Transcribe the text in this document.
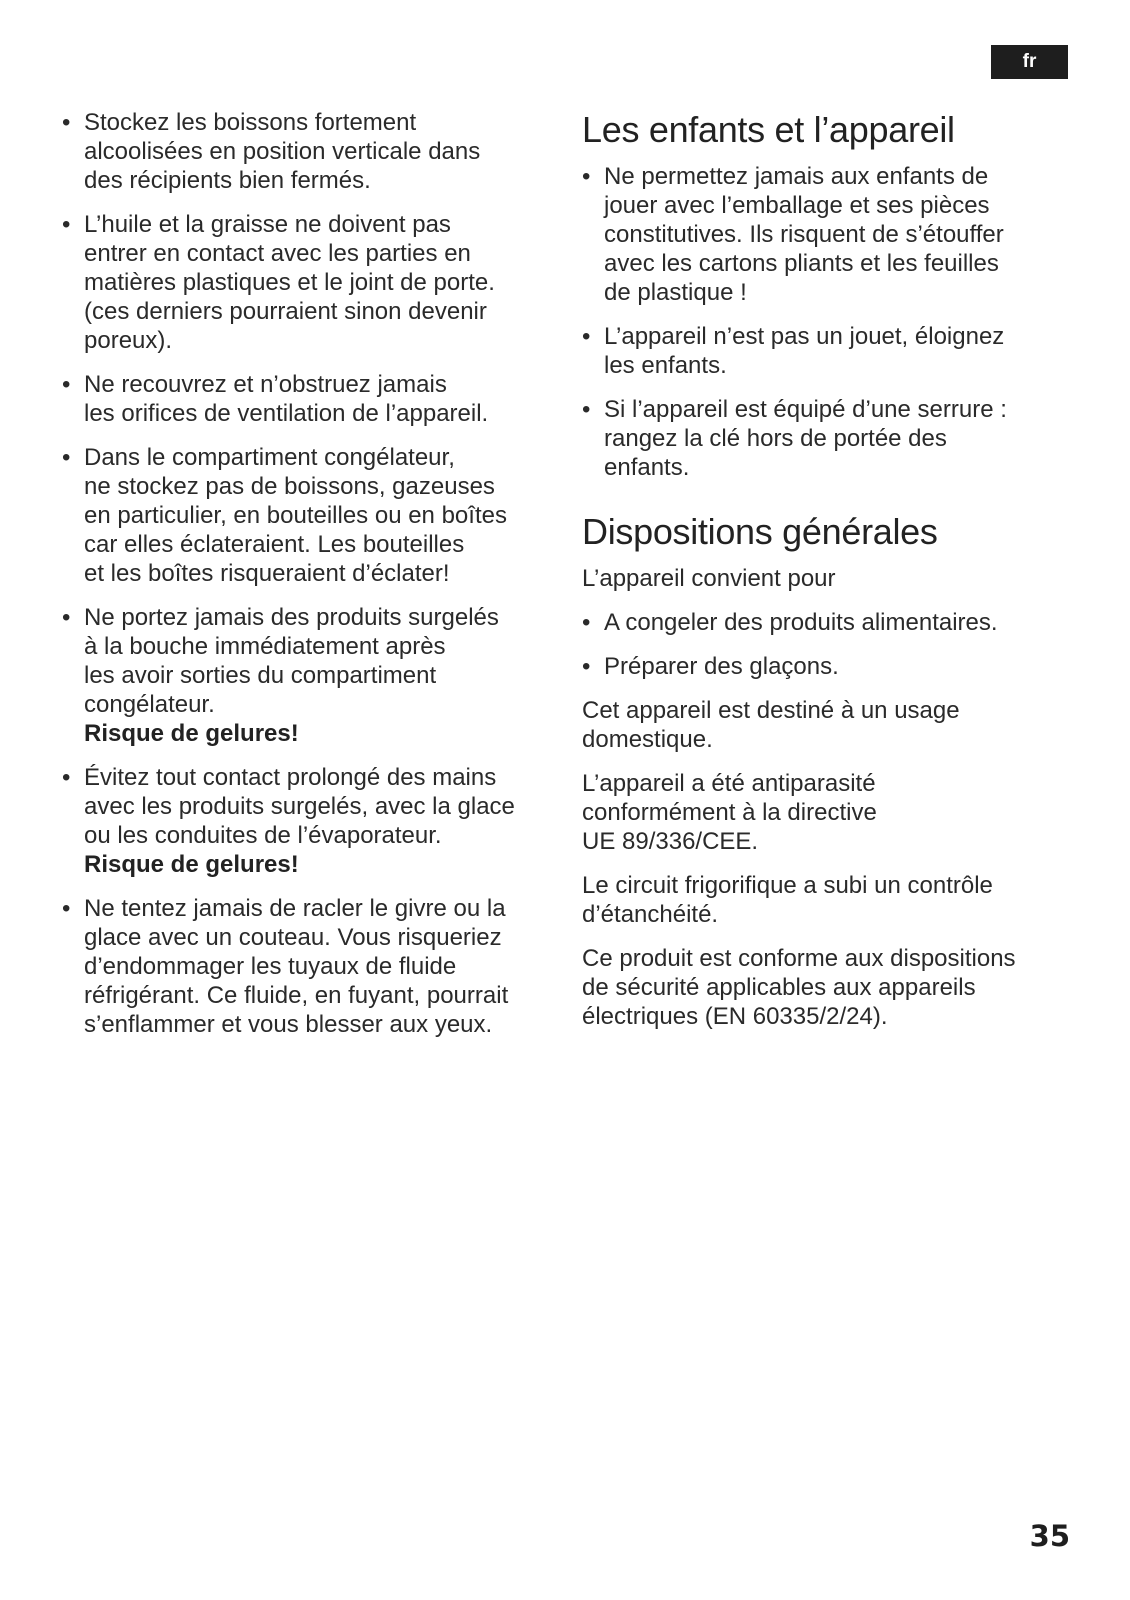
fr
• Stockez les boissons fortement
alcoolisées en position verticale dans
des récipients bien fermés.
• L’huile et la graisse ne doivent pas
entrer en contact avec les parties en
matières plastiques et le joint de porte.
(ces derniers pourraient sinon devenir
poreux).
• Ne recouvrez et n’obstruez jamais
les orifices de ventilation de l’appareil.
• Dans le compartiment congélateur,
ne stockez pas de boissons, gazeuses
en particulier, en bouteilles ou en boîtes
car elles éclateraient. Les bouteilles
et les boîtes risqueraient d’éclater!
• Ne portez jamais des produits surgelés
à la bouche immédiatement après
les avoir sorties du compartiment
congélateur.
Risque de gelures!
• Évitez tout contact prolongé des mains
avec les produits surgelés, avec la glace
ou les conduites de l’évaporateur.
Risque de gelures!
• Ne tentez jamais de racler le givre ou la
glace avec un couteau. Vous risqueriez
d’endommager les tuyaux de fluide
réfrigérant. Ce fluide, en fuyant, pourrait
s’enflammer et vous blesser aux yeux.
Les enfants et l’appareil
• Ne permettez jamais aux enfants de
jouer avec l’emballage et ses pièces
constitutives. Ils risquent de s’étouffer
avec les cartons pliants et les feuilles
de plastique !
• L’appareil n’est pas un jouet, éloignez
les enfants.
• Si l’appareil est équipé d’une serrure :
rangez la clé hors de portée des
enfants.
Dispositions générales

L’appareil convient pour

• A congeler des produits alimentaires.
• Préparer des glaçons.

Cet appareil est destiné à un usage
domestique.

L’appareil a été antiparasité
conformément à la directive
UE 89/336/CEE.

Le circuit frigorifique a subi un contrôle
d’étanchéité.

Ce produit est conforme aux dispositions
de sécurité applicables aux appareils
électriques (EN 60335/2/24).

35
